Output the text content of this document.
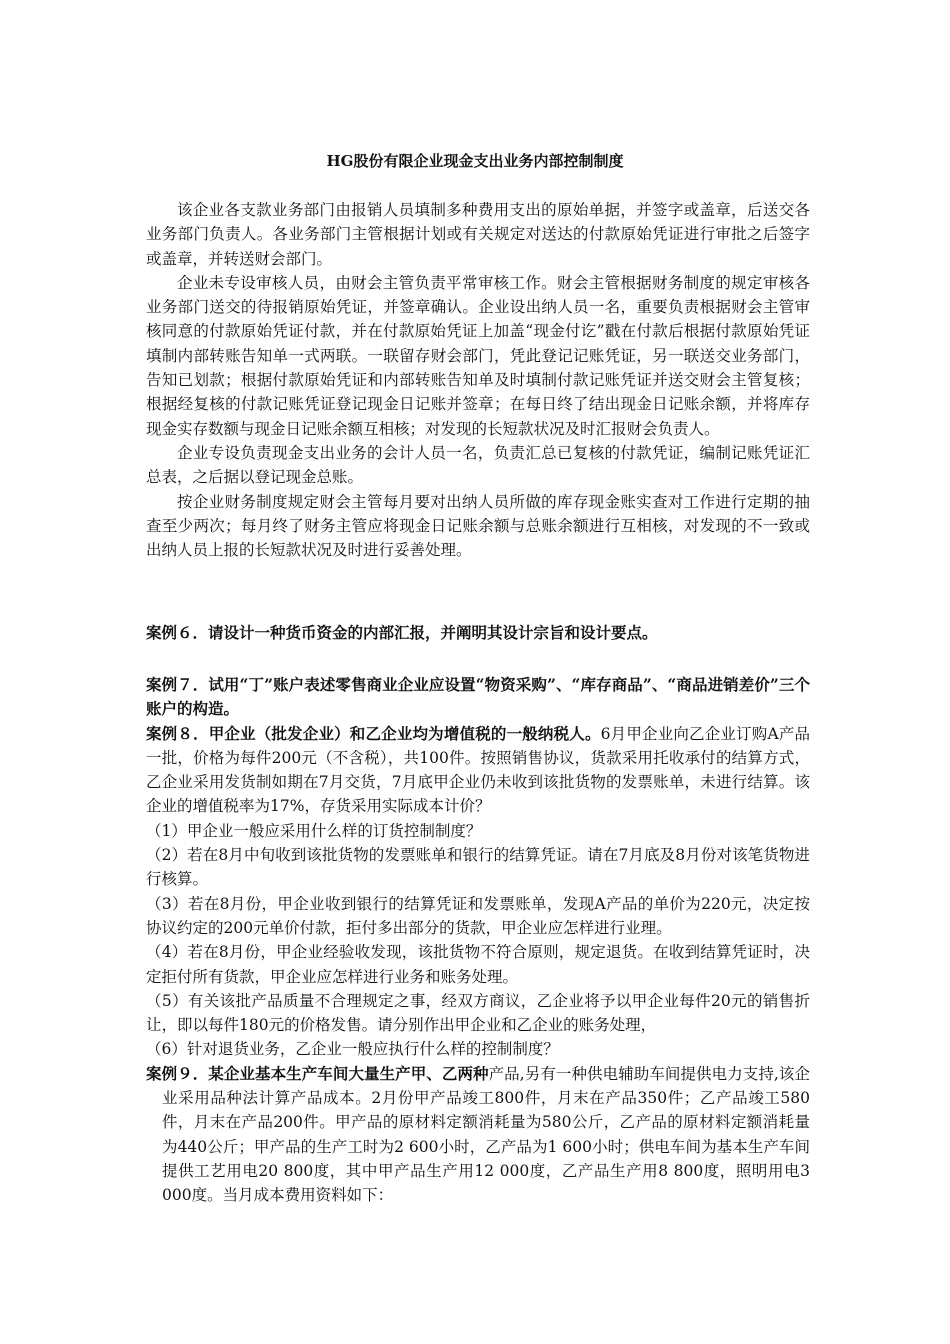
HG股份有限企业现金支出业务内部控制制度

该企业各支款业务部门由报销人员填制多种费用支出的原始单据，并签字或盖章，后送交各业务部门负责人。各业务部门主管根据计划或有关规定对送达的付款原始凭证进行审批之后签字或盖章，并转送财会部门。

企业未专设审核人员，由财会主管负责平常审核工作。财会主管根据财务制度的规定审核各业务部门送交的待报销原始凭证，并签章确认。企业设出纳人员一名，重要负责根据财会主管审核同意的付款原始凭证付款，并在付款原始凭证上加盖“现金付讫”戳在付款后根据付款原始凭证填制内部转账告知单一式两联。一联留存财会部门，凭此登记记账凭证，另一联送交业务部门，告知已划款；根据付款原始凭证和内部转账告知单及时填制付款记账凭证并送交财会主管复核；根据经复核的付款记账凭证登记现金日记账并签章；在每日终了结出现金日记账余额，并将库存现金实存数额与现金日记账余额互相核；对发现的长短款状况及时汇报财会负责人。

企业专设负责现金支出业务的会计人员一名，负责汇总已复核的付款凭证，编制记账凭证汇总表，之后据以登记现金总账。

按企业财务制度规定财会主管每月要对出纳人员所做的库存现金账实查对工作进行定期的抽查至少两次；每月终了财务主管应将现金日记账余额与总账余额进行互相核，对发现的不一致或出纳人员上报的长短款状况及时进行妥善处理。

案例６．请设计一种货币资金的内部汇报，并阐明其设计宗旨和设计要点。

案例７．试用“丁”账户表述零售商业企业应设置“物资采购”、“库存商品”、“商品进销差价”三个账户的构造。

案例８．甲企业（批发企业）和乙企业均为增值税的一般纳税人。6月甲企业向乙企业订购A产品一批，价格为每件200元（不含税），共100件。按照销售协议，货款采用托收承付的结算方式，乙企业采用发货制如期在7月交货，7月底甲企业仍未收到该批货物的发票账单，未进行结算。该企业的增值税率为17%，存货采用实际成本计价？

（1）甲企业一般应采用什么样的订货控制制度？

（2）若在8月中旬收到该批货物的发票账单和银行的结算凭证。请在7月底及8月份对该笔货物进行核算。

（3）若在8月份，甲企业收到银行的结算凭证和发票账单，发现A产品的单价为220元，决定按协议约定的200元单价付款，拒付多出部分的货款，甲企业应怎样进行业理。

（4）若在8月份，甲企业经验收发现，该批货物不符合原则，规定退货。在收到结算凭证时，决定拒付所有货款，甲企业应怎样进行业务和账务处理。

（5）有关该批产品质量不合理规定之事，经双方商议，乙企业将予以甲企业每件20元的销售折让，即以每件180元的价格发售。请分别作出甲企业和乙企业的账务处理，

（6）针对退货业务，乙企业一般应执行什么样的控制制度？

案例９．某企业基本生产车间大量生产甲、乙两种产品,另有一种供电辅助车间提供电力支持,该企业采用品种法计算产品成本。2月份甲产品竣工800件，月末在产品350件；乙产品竣工580件，月末在产品200件。甲产品的原材料定额消耗量为580公斤，乙产品的原材料定额消耗量为440公斤；甲产品的生产工时为2 600小时，乙产品为1 600小时；供电车间为基本生产车间提供工艺用电20 800度，其中甲产品生产用12 000度，乙产品生产用8 800度，照明用电3 000度。当月成本费用资料如下：
